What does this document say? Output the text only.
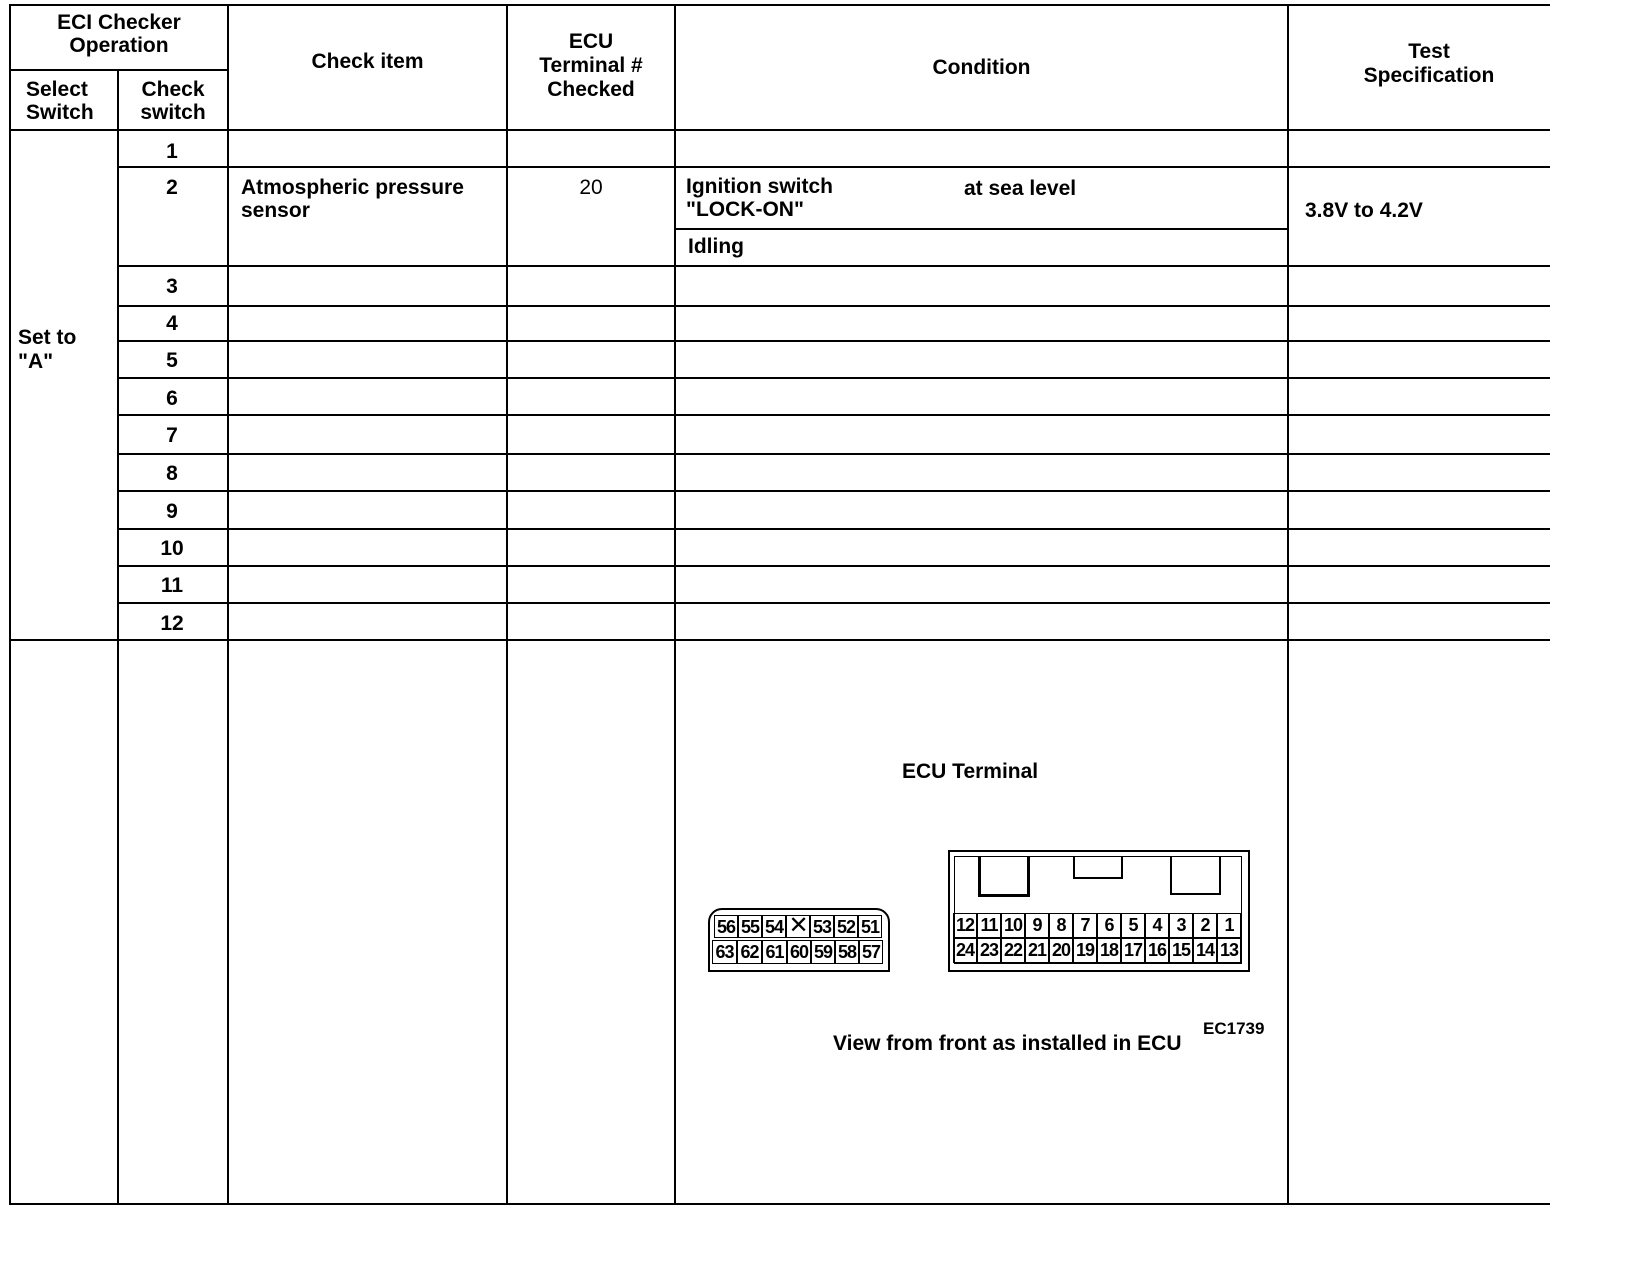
ECI Checker
Operation
Select
Switch
Check
switch
Check item
ECU
Terminal #
Checked
Condition
Test
Specification
Set to
"A"
1
2
3
4
5
6
7
8
9
10
11
12
Atmospheric pressure
sensor
20	Ignition switch
"LOCK-ON"
at sea level
Idling
3.8V to 4.2V
ECU Terminal
56 55 54 ✕ 53 52 51
63 62 61 60 59 58 57
12 11 10 9 8 7 6 5 4 3 2 1
24 23 22 21 20 19 18 17 16 15 14 13
EC1739
View from front as installed in ECU
